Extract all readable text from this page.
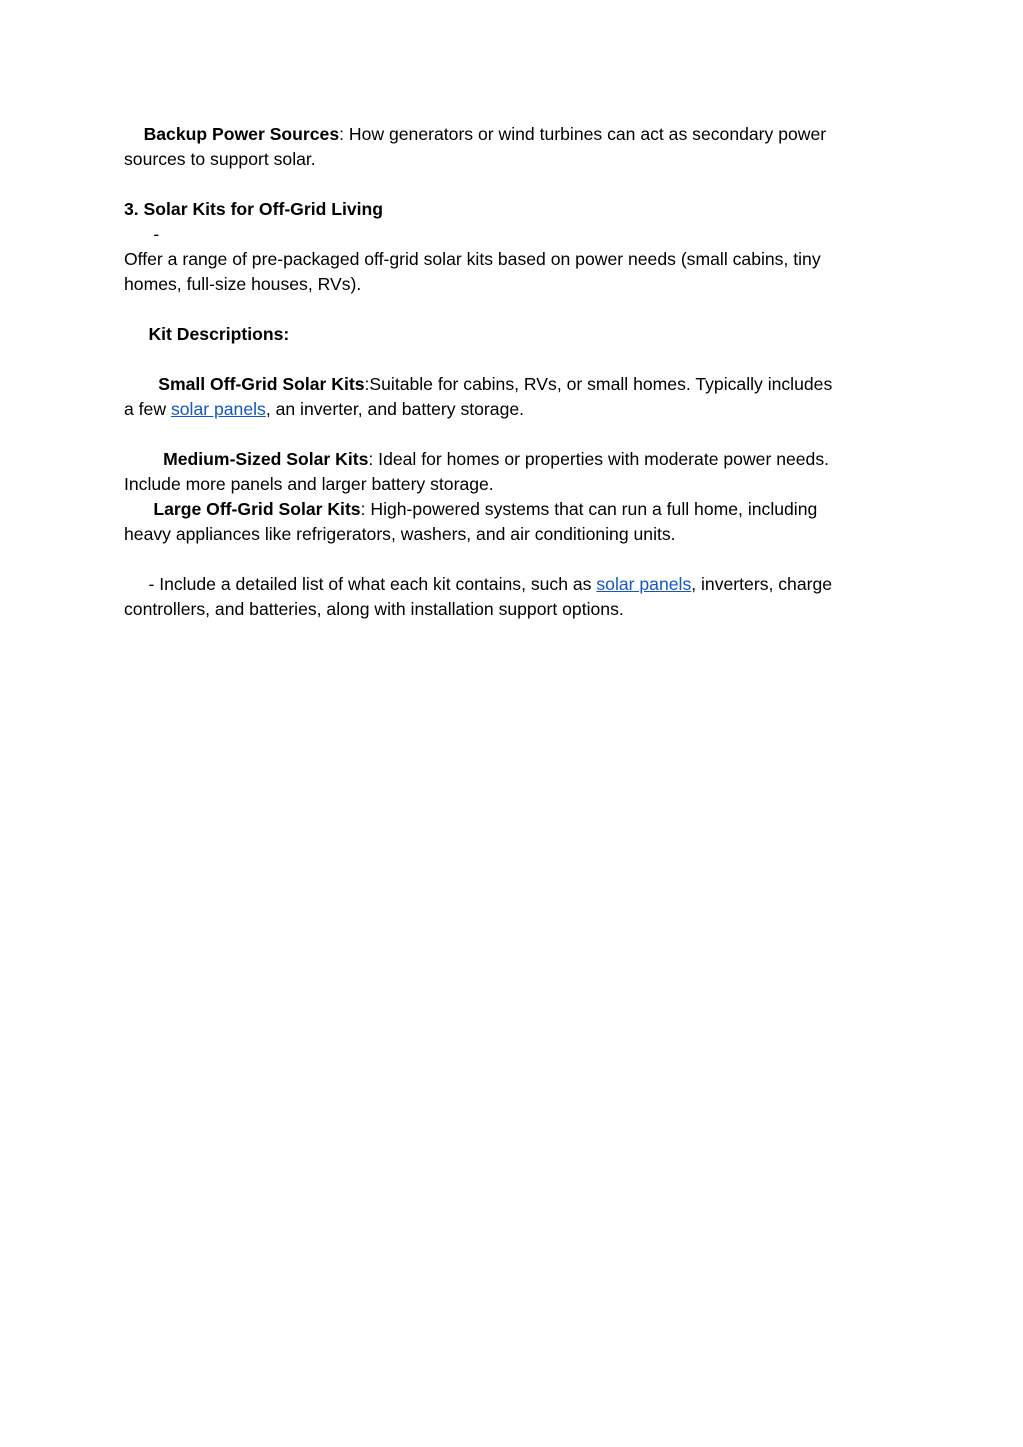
Backup Power Sources: How generators or wind turbines can act as secondary power
sources to support solar.
3. Solar Kits for Off-Grid Living
-
Offer a range of pre-packaged off-grid solar kits based on power needs (small cabins, tiny
homes, full-size houses, RVs).
Kit Descriptions:
Small Off-Grid Solar Kits:Suitable for cabins, RVs, or small homes. Typically includes
a few solar panels, an inverter, and battery storage.
Medium-Sized Solar Kits: Ideal for homes or properties with moderate power needs.
Include more panels and larger battery storage.
Large Off-Grid Solar Kits: High-powered systems that can run a full home, including
heavy appliances like refrigerators, washers, and air conditioning units.
- Include a detailed list of what each kit contains, such as solar panels, inverters, charge
controllers, and batteries, along with installation support options.
